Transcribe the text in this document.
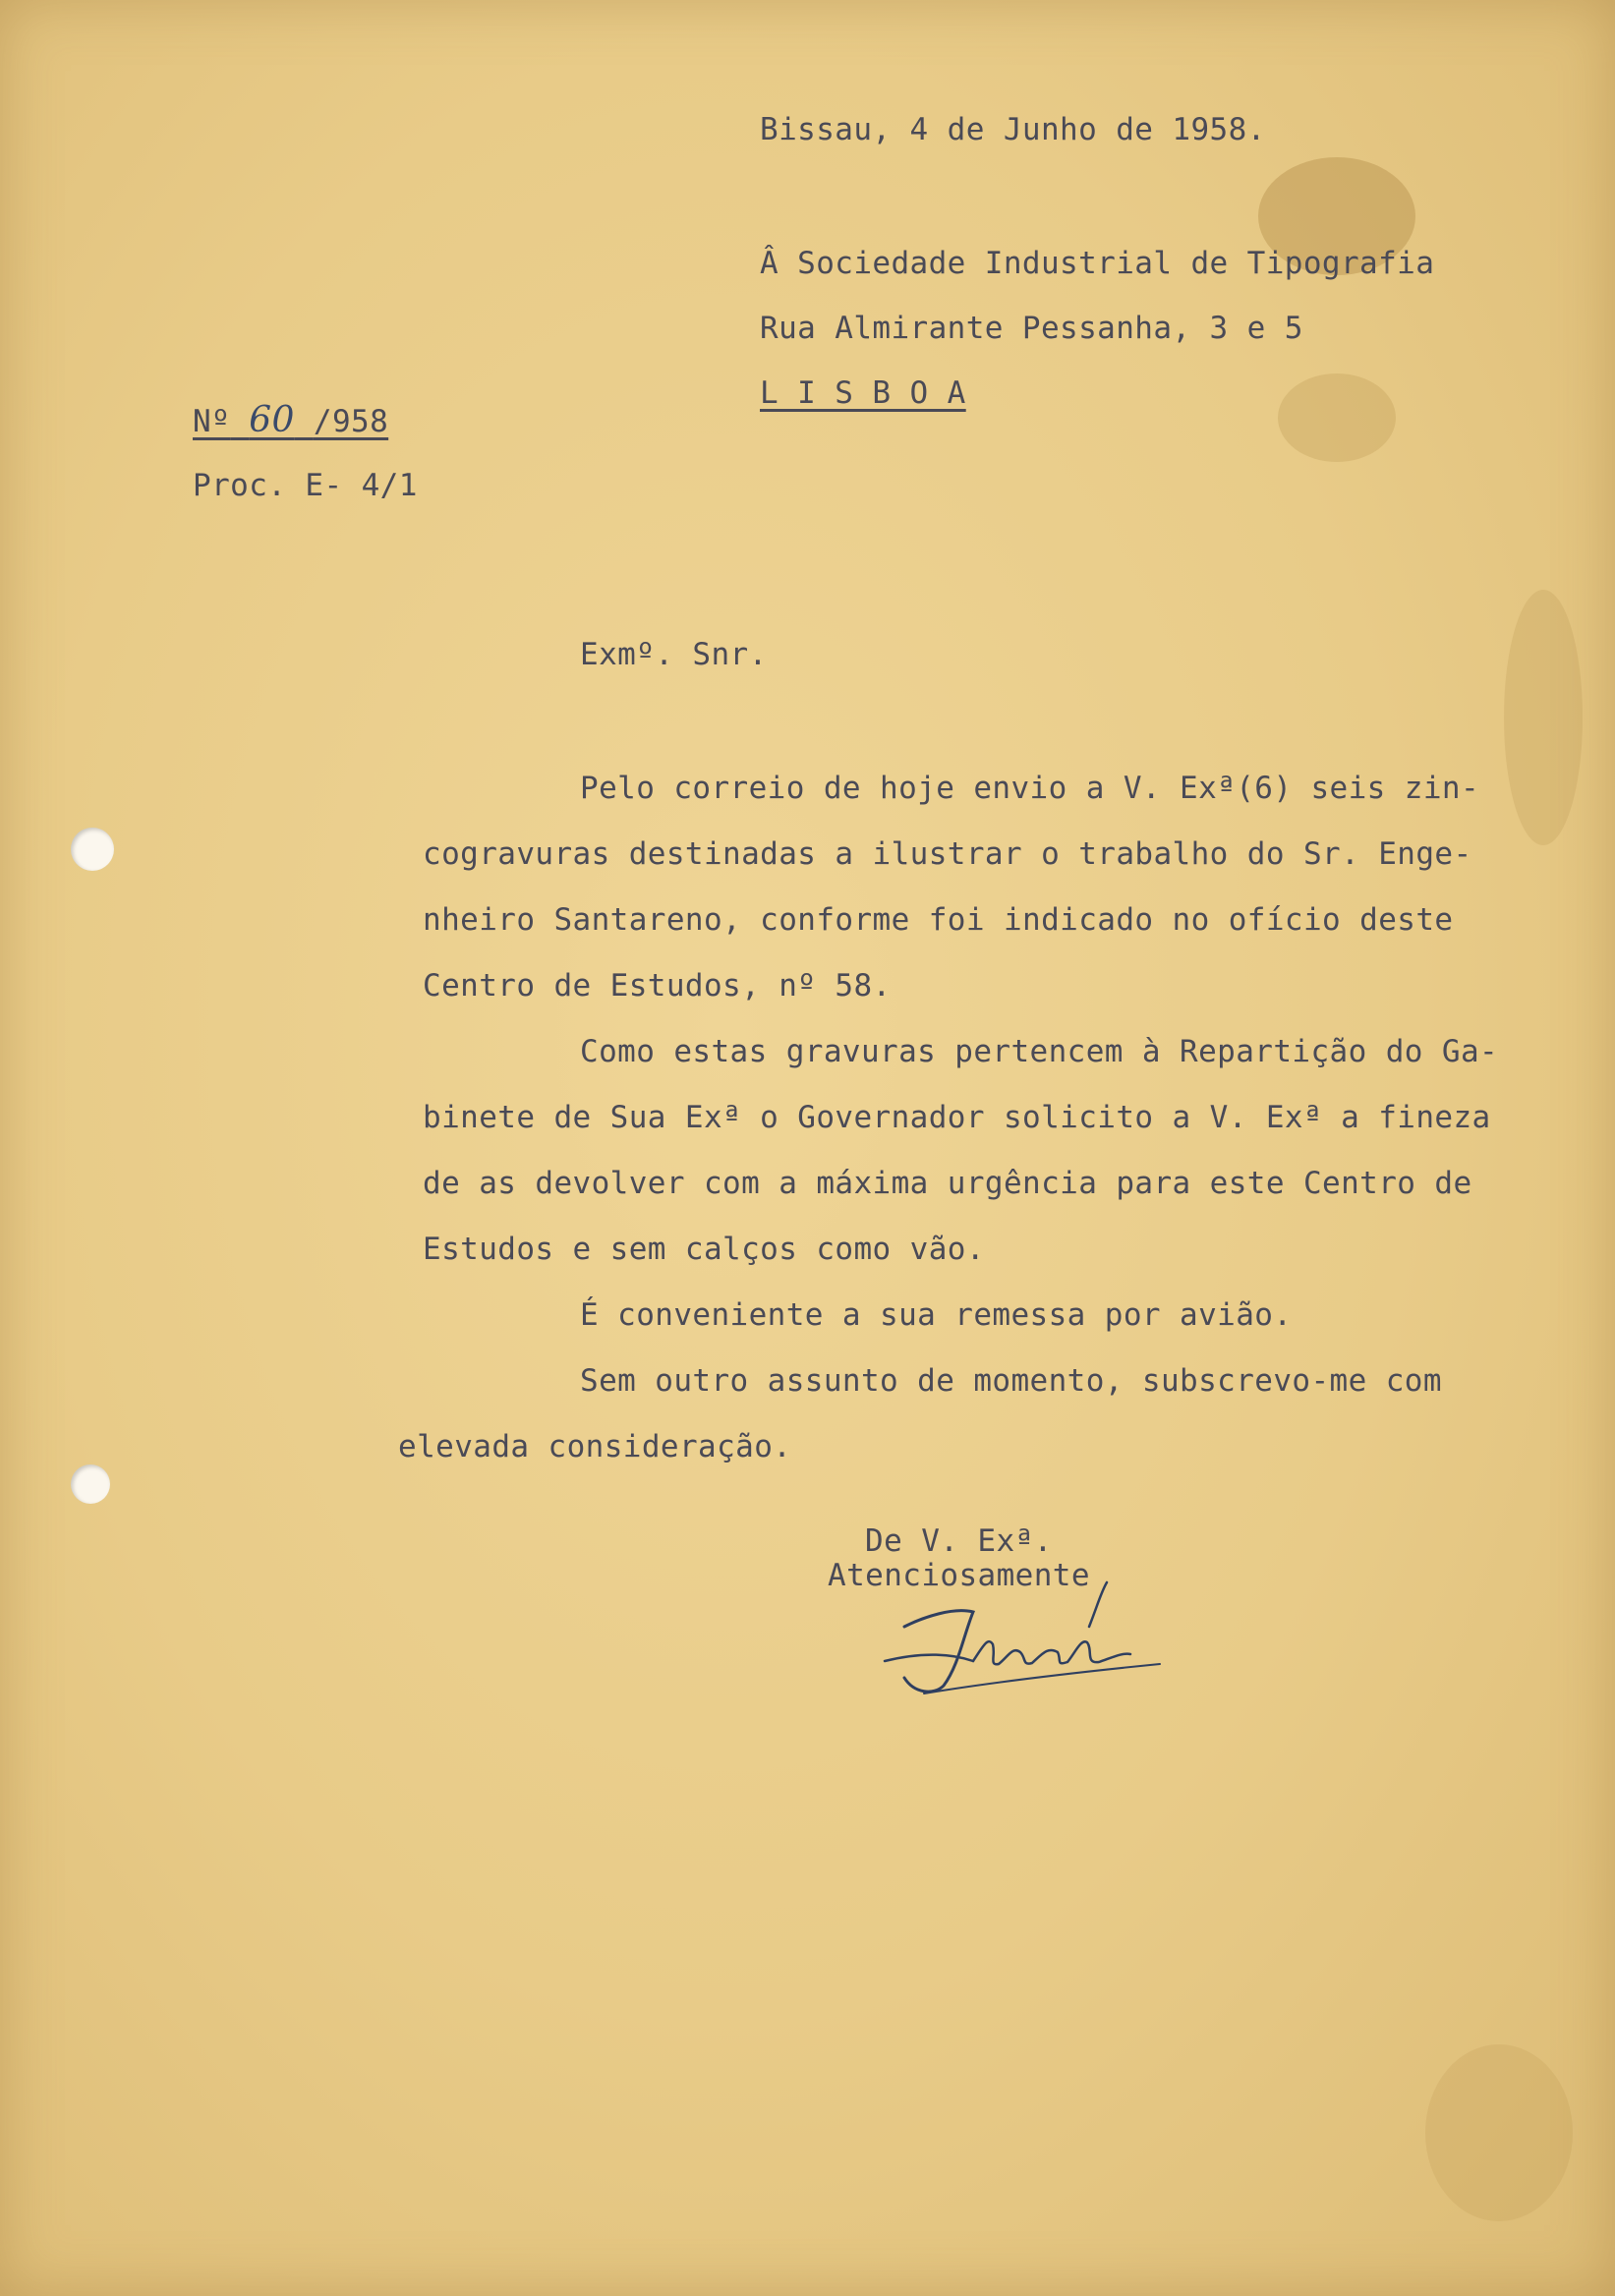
Bissau, 4 de Junho de 1958.
Â Sociedade Industrial de Tipografia
Rua Almirante Pessanha, 3 e 5
L I S B O A
Nº 60 /958
Proc. E- 4/1
Exmº. Snr.
Pelo correio de hoje envio a V. Exª(6) seis zin-
cogravuras destinadas a ilustrar o trabalho do Sr. Enge-
nheiro Santareno, conforme foi indicado no ofício deste
Centro de Estudos, nº 58.
Como estas gravuras pertencem à Repartição do Ga-
binete de Sua Exª o Governador solicito a V. Exª a fineza
de as devolver com a máxima urgência para este Centro de
Estudos e sem calços como vão.
É conveniente a sua remessa por avião.
Sem outro assunto de momento, subscrevo-me com
elevada consideração.
De V. Exª.
Atenciosamente
